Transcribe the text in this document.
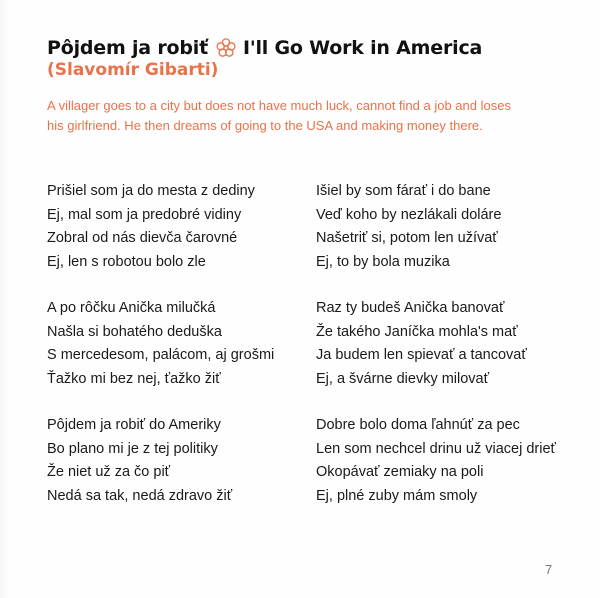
Pôjdem ja robiť I'll Go Work in America
(Slavomír Gibarti)
A villager goes to a city but does not have much luck, cannot find a job and loses his girlfriend. He then dreams of going to the USA and making money there.
Prišiel som ja do mesta z dediny
Ej, mal som ja predobré vidiny
Zobral od nás dievča čarovné
Ej, len s robotou bolo zle
A po rôčku Anička milučká
Našla si bohatého deduška
S mercedesom, palácom, aj grošmi
Ťažko mi bez nej, ťažko žiť
Pôjdem ja robiť do Ameriky
Bo plano mi je z tej politiky
Že niet už za čo piť
Nedá sa tak, nedá zdravo žiť
Išiel by som fárať i do bane
Veď koho by nezlákali doláre
Našetriť si, potom len užívať
Ej, to by bola muzika
Raz ty budeš Anička banovať
Že takého Janíčka mohla's mať
Ja budem len spievať a tancovať
Ej, a švárne dievky milovať
Dobre bolo doma ľahnúť za pec
Len som nechcel drinu už viacej drieť
Okopávať zemiaky na poli
Ej, plné zuby mám smoly
7
